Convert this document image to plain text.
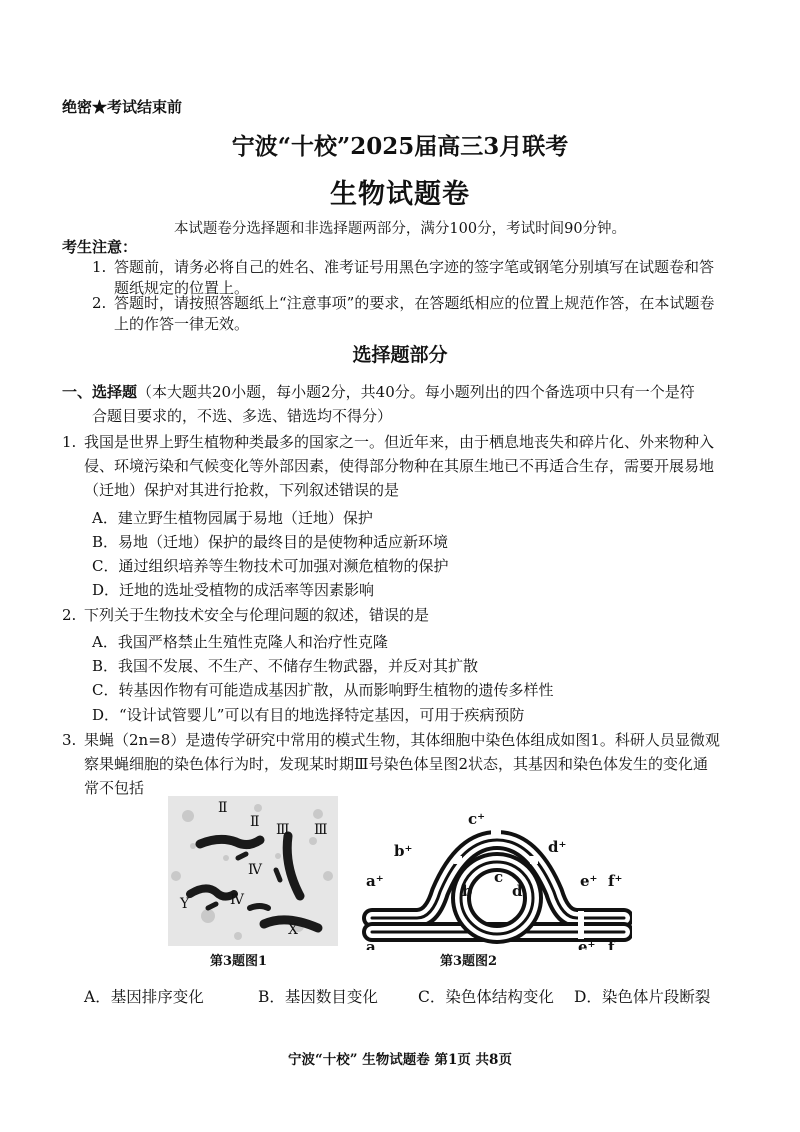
绝密★考试结束前
宁波“十校”2025届高三3月联考
生物试题卷
本试题卷分选择题和非选择题两部分，满分100分，考试时间90分钟。
考生注意：
1. 答题前，请务必将自己的姓名、准考证号用黑色字迹的签字笔或钢笔分别填写在试题卷和答
题纸规定的位置上。
2. 答题时，请按照答题纸上“注意事项”的要求，在答题纸相应的位置上规范作答，在本试题卷
上的作答一律无效。
选择题部分
一、选择题（本大题共20小题，每小题2分，共40分。每小题列出的四个备选项中只有一个是符
合题目要求的，不选、多选、错选均不得分）
1. 我国是世界上野生植物种类最多的国家之一。但近年来，由于栖息地丧失和碎片化、外来物种入
侵、环境污染和气候变化等外部因素，使得部分物种在其原生地已不再适合生存，需要开展易地
（迁地）保护对其进行抢救，下列叙述错误的是
A．建立野生植物园属于易地（迁地）保护
B．易地（迁地）保护的最终目的是使物种适应新环境
C．通过组织培养等生物技术可加强对濒危植物的保护
D．迁地的选址受植物的成活率等因素影响
2. 下列关于生物技术安全与伦理问题的叙述，错误的是
A．我国严格禁止生殖性克隆人和治疗性克隆
B．我国不发展、不生产、不储存生物武器，并反对其扩散
C．转基因作物有可能造成基因扩散，从而影响野生植物的遗传多样性
D．“设计试管婴儿”可以有目的地选择特定基因，可用于疾病预防
3. 果蝇（2n=8）是遗传学研究中常用的模式生物，其体细胞中染色体组成如图1。科研人员显微观
察果蝇细胞的染色体行为时，发现某时期Ⅲ号染色体呈图2状态，其基因和染色体发生的变化通
常不包括
Ⅱ
Ⅱ Ⅲ Ⅲ
Ⅳ
Ⅳ
Y
X
第3题图1
a⁺
b⁺
c⁺
d⁺
e⁺ f⁺
a
b
c
d
e⁺ f
第3题图2
A．基因排序变化	B．基因数目变化	C．染色体结构变化 D．染色体片段断裂
宁波“十校” 生物试题卷 第1页 共8页
